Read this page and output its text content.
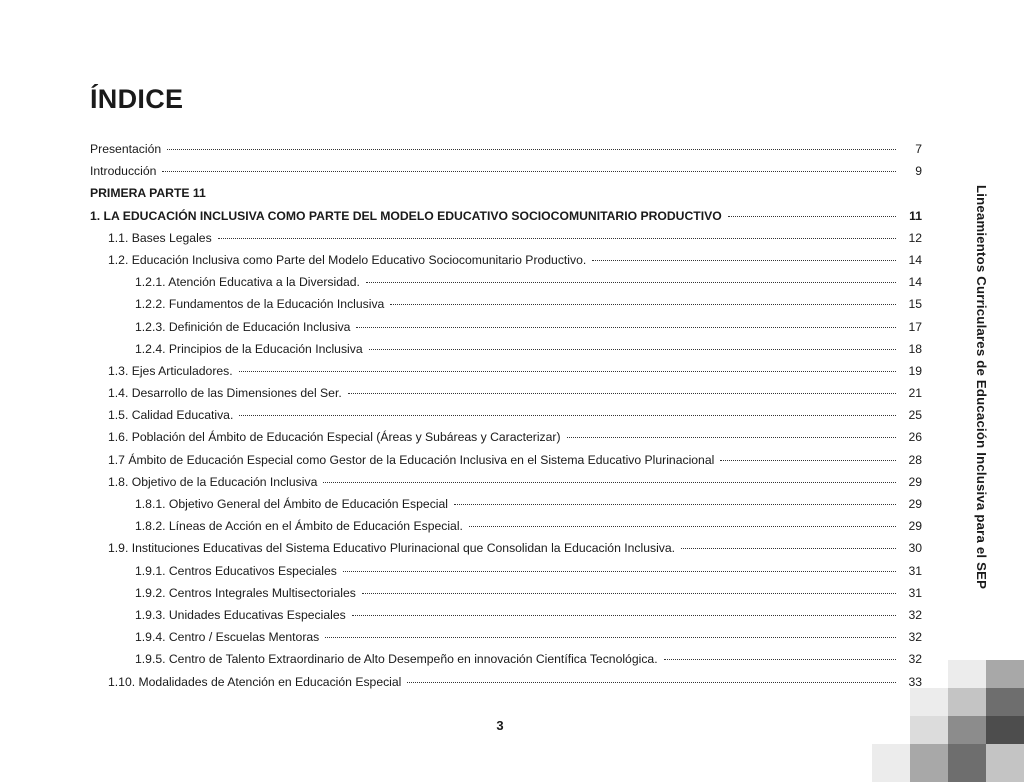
ÍNDICE
Presentación	7
Introducción	9
PRIMERA PARTE 11
1. LA EDUCACIÓN INCLUSIVA COMO PARTE DEL MODELO EDUCATIVO SOCIOCOMUNITARIO PRODUCTIVO	11
1.1. Bases Legales	12
1.2. Educación Inclusiva como Parte del Modelo Educativo Sociocomunitario Productivo.	14
1.2.1. Atención Educativa a la Diversidad.	14
1.2.2. Fundamentos de la Educación Inclusiva	15
1.2.3. Definición de Educación Inclusiva	17
1.2.4. Principios de la Educación Inclusiva	18
1.3. Ejes Articuladores.	19
1.4. Desarrollo de las Dimensiones del Ser.	21
1.5. Calidad Educativa.	25
1.6. Población del Ámbito de Educación Especial (Áreas y Subáreas y Caracterizar)	26
1.7 Ámbito de Educación Especial como Gestor de la Educación Inclusiva en el Sistema Educativo Plurinacional	28
1.8. Objetivo de la Educación Inclusiva	29
1.8.1. Objetivo General del Ámbito de Educación Especial	29
1.8.2. Líneas de Acción en el Ámbito de Educación Especial.	29
1.9. Instituciones Educativas del Sistema Educativo Plurinacional que Consolidan la Educación Inclusiva.	30
1.9.1. Centros Educativos Especiales	31
1.9.2. Centros Integrales Multisectoriales	31
1.9.3. Unidades Educativas Especiales	32
1.9.4. Centro / Escuelas Mentoras	32
1.9.5. Centro de Talento Extraordinario de Alto Desempeño en innovación Científica Tecnológica.	32
1.10. Modalidades de Atención en Educación Especial	33
Lineamientos Curriculares de Educación Inclusiva para el SEP
3
